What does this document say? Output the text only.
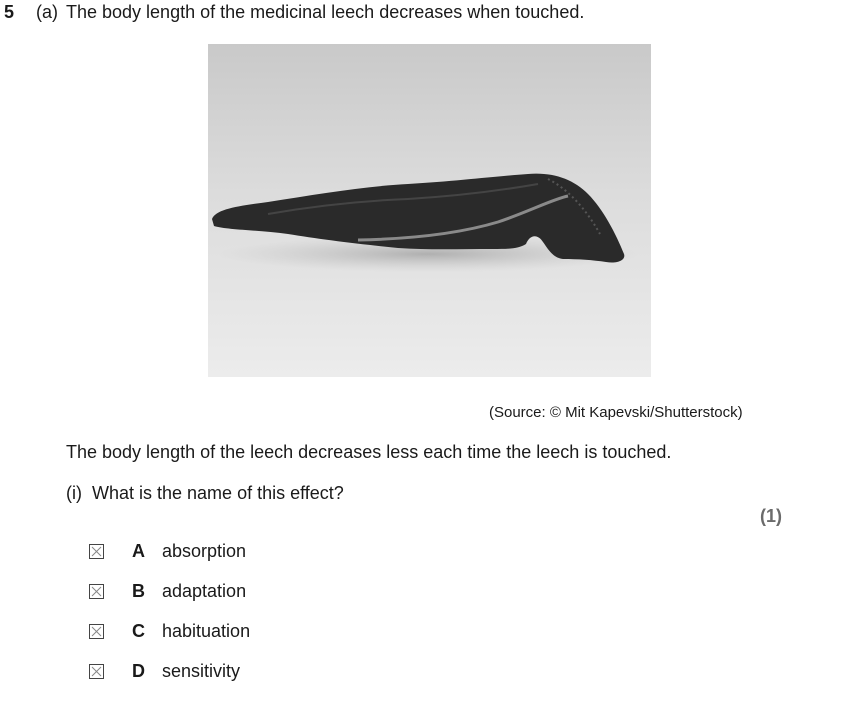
5 (a) The body length of the medicinal leech decreases when touched.
(Source: © Mit Kapevski/Shutterstock)
The body length of the leech decreases less each time the leech is touched.
(i) What is the name of this effect?
(1)
A absorption
B adaptation
C habituation
D sensitivity
